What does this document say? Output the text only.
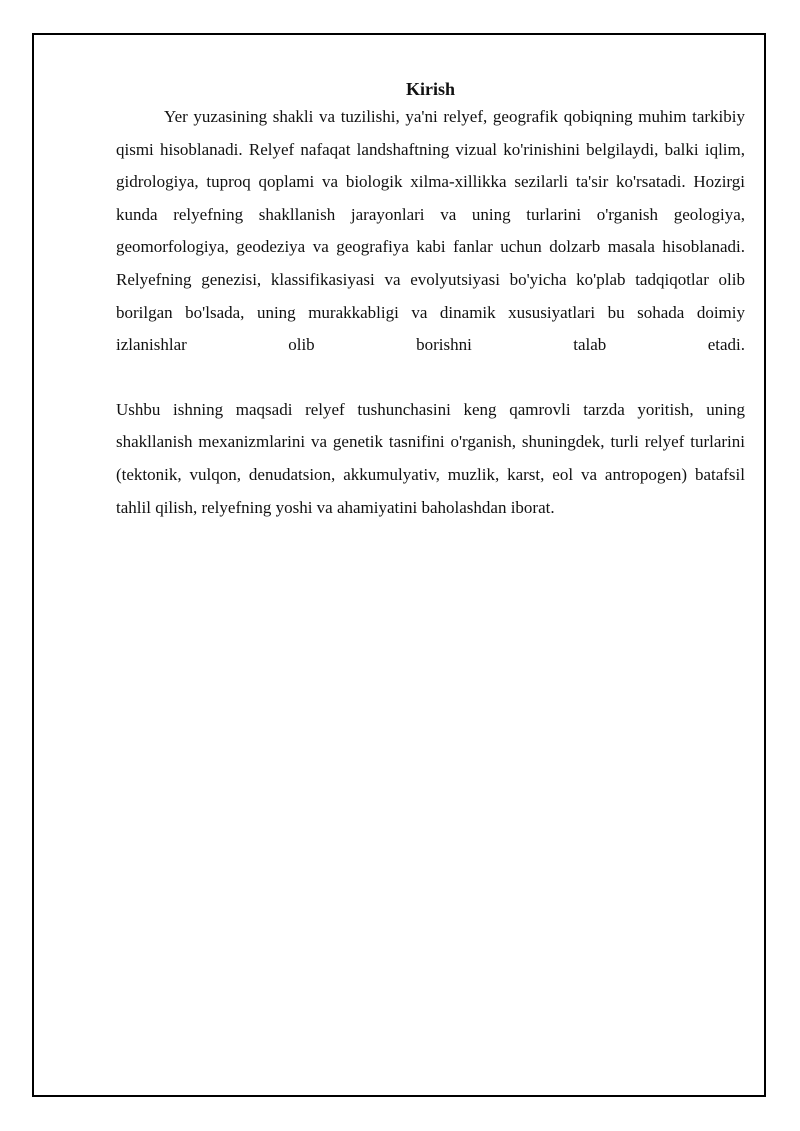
Kirish

Yer yuzasining shakli va tuzilishi, ya'ni relyef, geografik qobiqning muhim tarkibiy qismi hisoblanadi. Relyef nafaqat landshaftning vizual ko'rinishini belgilaydi, balki iqlim, gidrologiya, tuproq qoplami va biologik xilma-xillikka sezilarli ta'sir ko'rsatadi. Hozirgi kunda relyefning shakllanish jarayonlari va uning turlarini o'rganish geologiya, geomorfologiya, geodeziya va geografiya kabi fanlar uchun dolzarb masala hisoblanadi. Relyefning genezisi, klassifikasiyasi va evolyutsiyasi bo'yicha ko'plab tadqiqotlar olib borilgan bo'lsada, uning murakkabligi va dinamik xususiyatlari bu sohada doimiy izlanishlar olib borishni talab etadi.

Ushbu ishning maqsadi relyef tushunchasini keng qamrovli tarzda yoritish, uning shakllanish mexanizmlarini va genetik tasnifini o'rganish, shuningdek, turli relyef turlarini (tektonik, vulqon, denudatsion, akkumulyativ, muzlik, karst, eol va antropogen) batafsil tahlil qilish, relyefning yoshi va ahamiyatini baholashdan iborat.
